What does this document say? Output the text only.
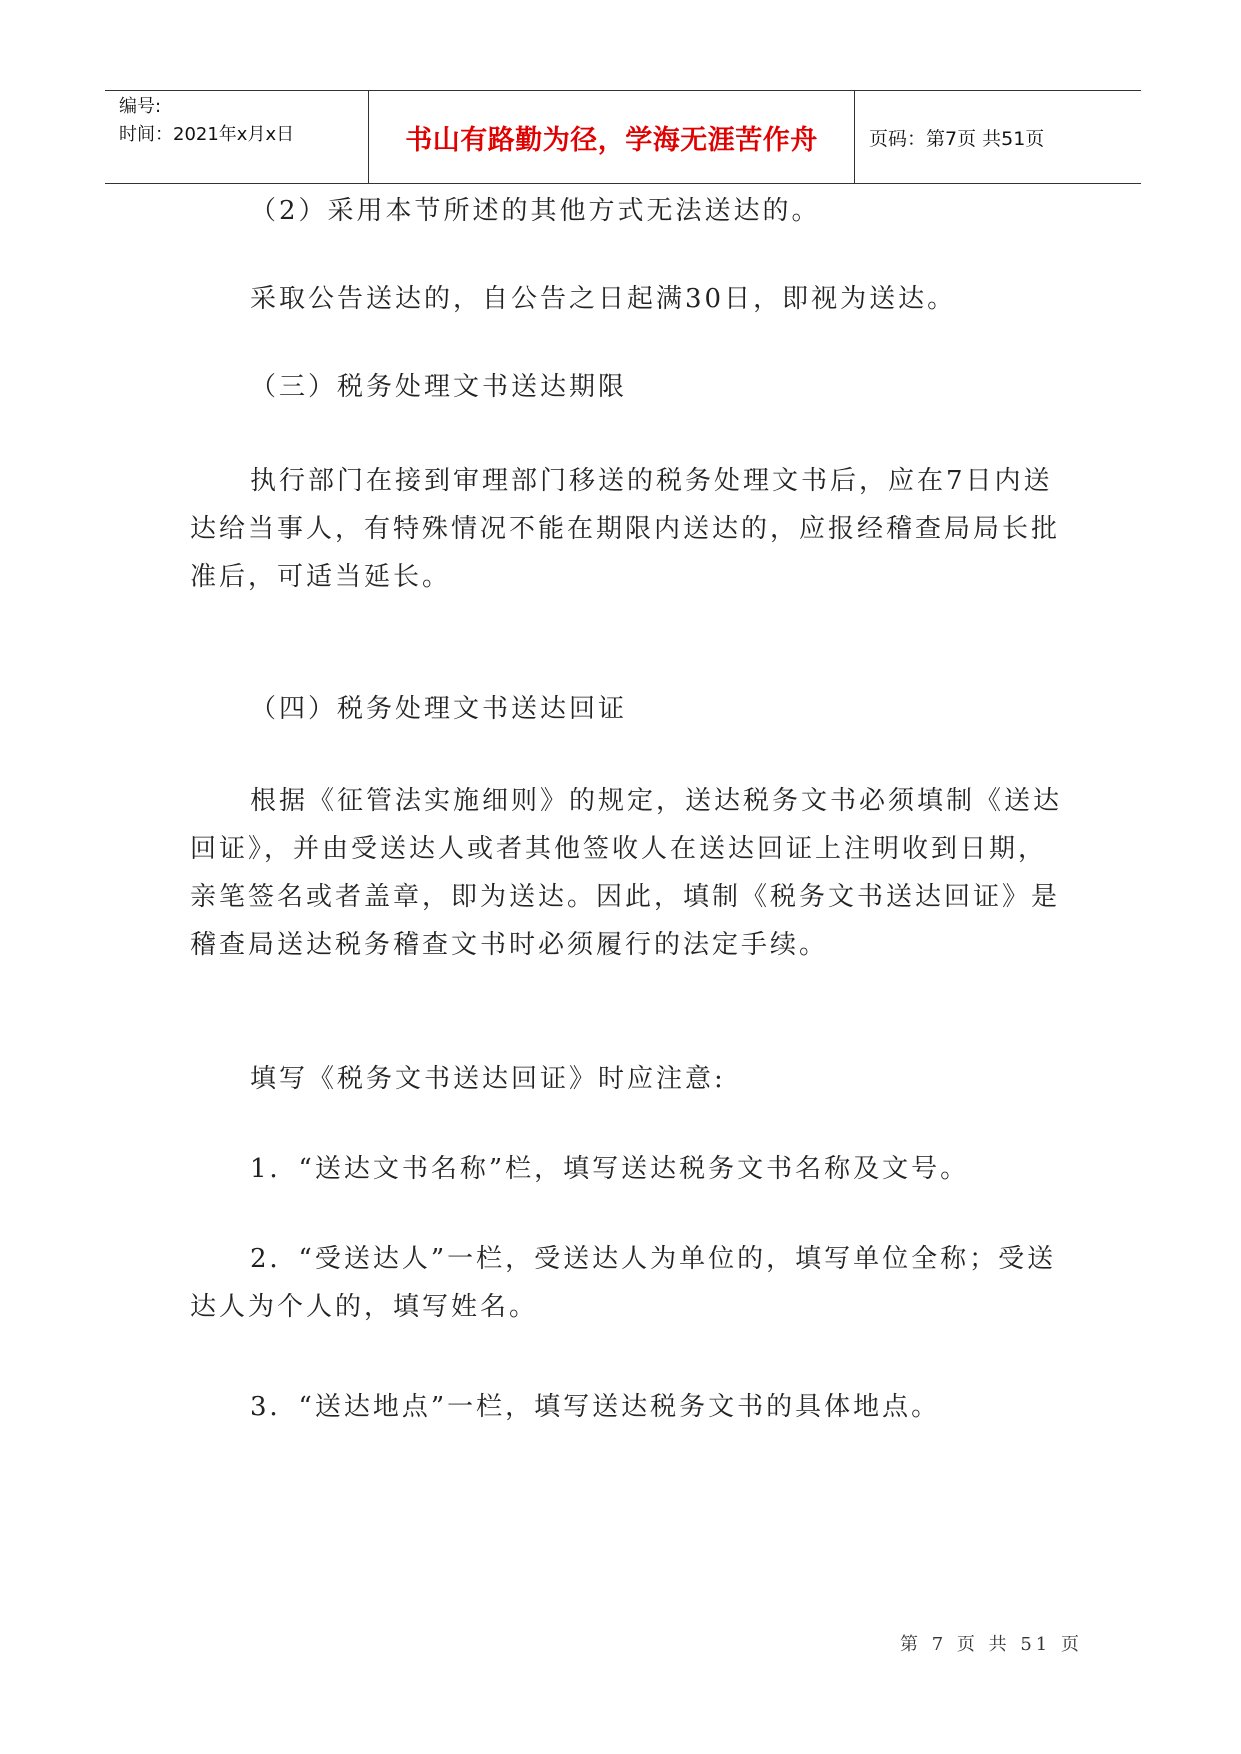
编号:
时间：2021年x月x日	书山有路勤为径，学海无涯苦作舟	页码：第7页 共51页

（2）采用本节所述的其他方式无法送达的。

采取公告送达的，自公告之日起满30日，即视为送达。

（三）税务处理文书送达期限

执行部门在接到审理部门移送的税务处理文书后，应在7日内送达给当事人，有特殊情况不能在期限内送达的，应报经稽查局局长批准后，可适当延长。

（四）税务处理文书送达回证

根据《征管法实施细则》的规定，送达税务文书必须填制《送达回证》，并由受送达人或者其他签收人在送达回证上注明收到日期，亲笔签名或者盖章，即为送达。因此，填制《税务文书送达回证》是稽查局送达税务稽查文书时必须履行的法定手续。

填写《税务文书送达回证》时应注意:

1．“送达文书名称”栏，填写送达税务文书名称及文号。

2．“受送达人”一栏，受送达人为单位的，填写单位全称；受送达人为个人的，填写姓名。

3．“送达地点”一栏，填写送达税务文书的具体地点。

第 7 页 共 51 页
